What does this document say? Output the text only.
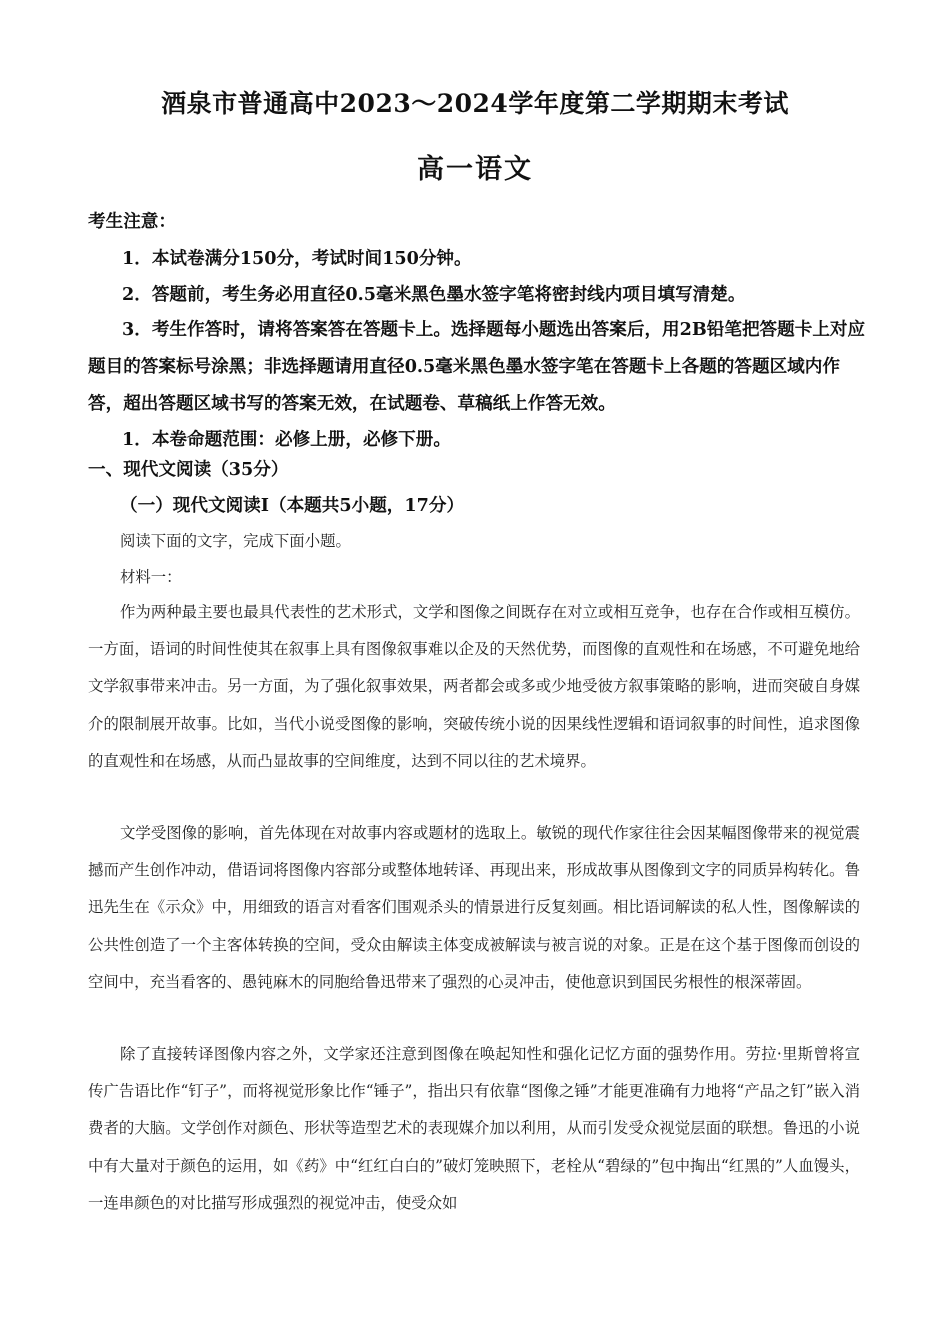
酒泉市普通高中2023～2024学年度第二学期期末考试
高一语文

考生注意：

1．本试卷满分150分，考试时间150分钟。

2．答题前，考生务必用直径0.5毫米黑色墨水签字笔将密封线内项目填写清楚。

3．考生作答时，请将答案答在答题卡上。选择题每小题选出答案后，用2B铅笔把答题卡上对应题目的答案标号涂黑；非选择题请用直径0.5毫米黑色墨水签字笔在答题卡上各题的答题区域内作答，超出答题区域书写的答案无效，在试题卷、草稿纸上作答无效。

1．本卷命题范围：必修上册，必修下册。

一、现代文阅读（35分）

（一）现代文阅读Ⅰ（本题共5小题，17分）

阅读下面的文字，完成下面小题。

材料一：

作为两种最主要也最具代表性的艺术形式，文学和图像之间既存在对立或相互竞争，也存在合作或相互模仿。一方面，语词的时间性使其在叙事上具有图像叙事难以企及的天然优势，而图像的直观性和在场感，不可避免地给文学叙事带来冲击。另一方面，为了强化叙事效果，两者都会或多或少地受彼方叙事策略的影响，进而突破自身媒介的限制展开故事。比如，当代小说受图像的影响，突破传统小说的因果线性逻辑和语词叙事的时间性，追求图像的直观性和在场感，从而凸显故事的空间维度，达到不同以往的艺术境界。

文学受图像的影响，首先体现在对故事内容或题材的选取上。敏锐的现代作家往往会因某幅图像带来的视觉震撼而产生创作冲动，借语词将图像内容部分或整体地转译、再现出来，形成故事从图像到文字的同质异构转化。鲁迅先生在《示众》中，用细致的语言对看客们围观杀头的情景进行反复刻画。相比语词解读的私人性，图像解读的公共性创造了一个主客体转换的空间，受众由解读主体变成被解读与被言说的对象。正是在这个基于图像而创设的空间中，充当看客的、愚钝麻木的同胞给鲁迅带来了强烈的心灵冲击，使他意识到国民劣根性的根深蒂固。

除了直接转译图像内容之外，文学家还注意到图像在唤起知性和强化记忆方面的强势作用。劳拉·里斯曾将宣传广告语比作“钉子”，而将视觉形象比作“锤子”，指出只有依靠“图像之锤”才能更准确有力地将“产品之钉”嵌入消费者的大脑。文学创作对颜色、形状等造型艺术的表现媒介加以利用，从而引发受众视觉层面的联想。鲁迅的小说中有大量对于颜色的运用，如《药》中“红红白白的”破灯笼映照下，老栓从“碧绿的”包中掏出“红黑的”人血馒头，一连串颜色的对比描写形成强烈的视觉冲击，使受众如
